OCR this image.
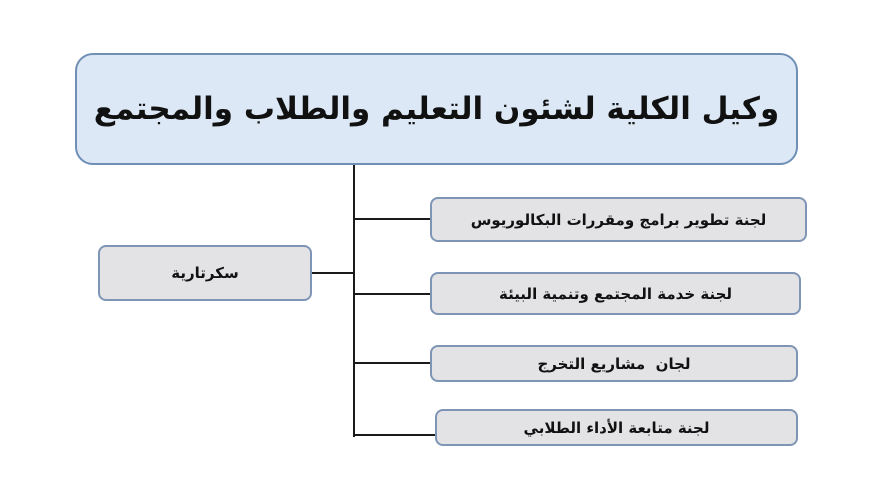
وكيل الكلية لشئون التعليم والطلاب والمجتمع
لجنة تطوير برامج ومقررات البكالوريوس
لجنة خدمة المجتمع وتنمية البيئة
لجان  مشاريع التخرج
لجنة متابعة الأداء الطلابي
سكرتارية
